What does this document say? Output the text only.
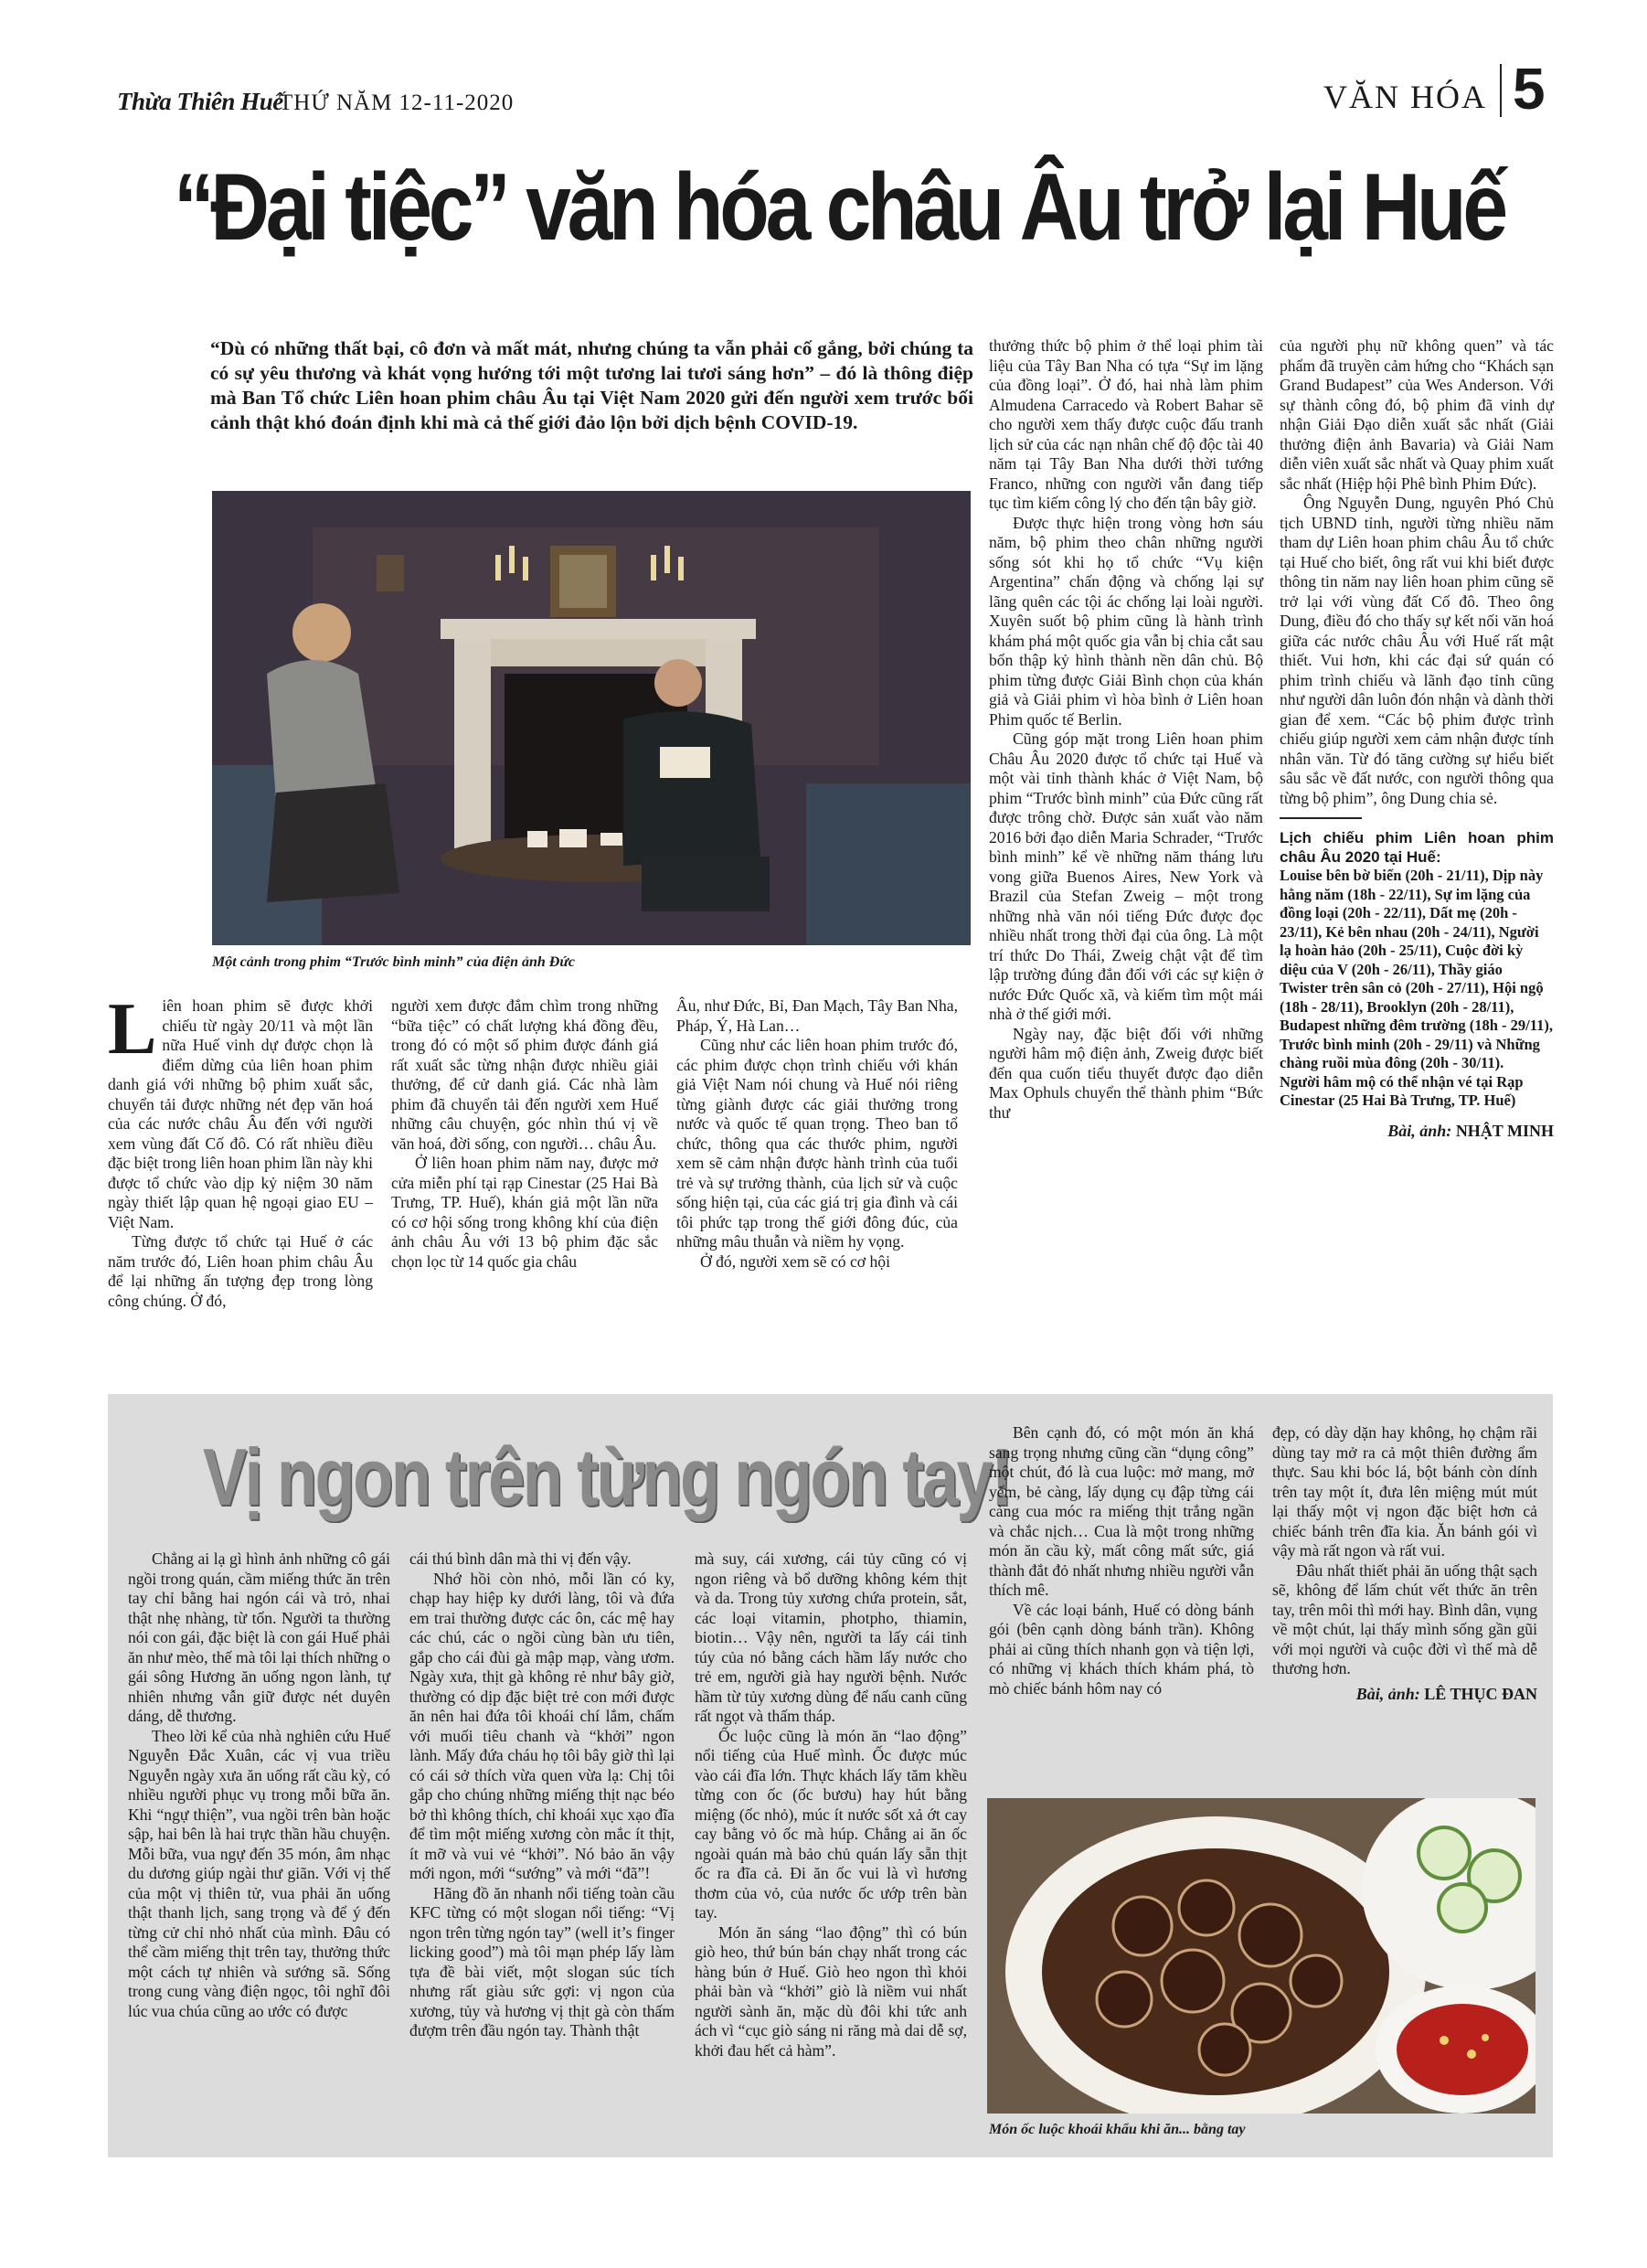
Thừa Thiên Huế
THỨ NĂM 12-11-2020	VĂN HÓA 5
“Đại tiệc” văn hóa châu Âu trở lại Huế
“Dù có những thất bại, cô đơn và mất mát, nhưng chúng ta vẫn phải cố gắng, bởi chúng ta có sự yêu thương và khát vọng hướng tới một tương lai tươi sáng hơn” – đó là thông điệp mà Ban Tổ chức Liên hoan phim châu Âu tại Việt Nam 2020 gửi đến người xem trước bối cảnh thật khó đoán định khi mà cả thế giới đảo lộn bởi dịch bệnh COVID-19.
Một cảnh trong phim “Trước bình minh” của điện ảnh Đức
L iên hoan phim sẽ được khởi chiếu từ ngày 20/11 và một lần nữa Huế vinh dự được chọn là điểm dừng của liên hoan phim danh giá với những bộ phim xuất sắc, chuyển tải được những nét đẹp văn hoá của các nước châu Âu đến với người xem vùng đất Cố đô. Có rất nhiều điều đặc biệt trong liên hoan phim lần này khi được tổ chức vào dịp kỷ niệm 30 năm ngày thiết lập quan hệ ngoại giao EU – Việt Nam.

Từng được tổ chức tại Huế ở các năm trước đó, Liên hoan phim châu Âu để lại những ấn tượng đẹp trong lòng công chúng. Ở đó,

người xem được đắm chìm trong những “bữa tiệc” có chất lượng khá đồng đều, trong đó có một số phim được đánh giá rất xuất sắc từng nhận được nhiều giải thưởng, để cử danh giá. Các nhà làm phim đã chuyển tải đến người xem Huế những câu chuyện, góc nhìn thú vị về văn hoá, đời sống, con người… châu Âu.

Ở liên hoan phim năm nay, được mở cửa miễn phí tại rạp Cinestar (25 Hai Bà Trưng, TP. Huế), khán giả một lần nữa có cơ hội sống trong không khí của điện ảnh châu Âu với 13 bộ phim đặc sắc chọn lọc từ 14 quốc gia châu

Âu, như Đức, Bỉ, Đan Mạch, Tây Ban Nha, Pháp, Ý, Hà Lan…

Cũng như các liên hoan phim trước đó, các phim được chọn trình chiếu với khán giả Việt Nam nói chung và Huế nói riêng từng giành được các giải thưởng trong nước và quốc tế quan trọng. Theo ban tổ chức, thông qua các thước phim, người xem sẽ cảm nhận được hành trình của tuổi trẻ và sự trưởng thành, của lịch sử và cuộc sống hiện tại, của các giá trị gia đình và cái tôi phức tạp trong thế giới đông đúc, của những mâu thuẫn và niềm hy vọng.

Ở đó, người xem sẽ có cơ hội

thưởng thức bộ phim ở thể loại phim tài liệu của Tây Ban Nha có tựa “Sự im lặng của đồng loại”. Ở đó, hai nhà làm phim Almudena Carracedo và Robert Bahar sẽ cho người xem thấy được cuộc đấu tranh lịch sử của các nạn nhân chế độ độc tài 40 năm tại Tây Ban Nha dưới thời tướng Franco, những con người vẫn đang tiếp tục tìm kiếm công lý cho đến tận bây giờ.

Được thực hiện trong vòng hơn sáu năm, bộ phim theo chân những người sống sót khi họ tổ chức “Vụ kiện Argentina” chấn động và chống lại sự lãng quên các tội ác chống lại loài người. Xuyên suốt bộ phim cũng là hành trình khám phá một quốc gia vẫn bị chia cắt sau bốn thập kỷ hình thành nền dân chủ. Bộ phim từng được Giải Bình chọn của khán giả và Giải phim vì hòa bình ở Liên hoan Phim quốc tế Berlin.

Cũng góp mặt trong Liên hoan phim Châu Âu 2020 được tổ chức tại Huế và một vài tỉnh thành khác ở Việt Nam, bộ phim “Trước bình minh” của Đức cũng rất được trông chờ. Được sản xuất vào năm 2016 bởi đạo diễn Maria Schrader, “Trước bình minh” kể về những năm tháng lưu vong giữa Buenos Aires, New York và Brazil của Stefan Zweig – một trong những nhà văn nói tiếng Đức được đọc nhiều nhất trong thời đại của ông. Là một trí thức Do Thái, Zweig chật vật để tìm lập trường đúng đắn đối với các sự kiện ở nước Đức Quốc xã, và kiếm tìm một mái nhà ở thế giới mới.

Ngày nay, đặc biệt đối với những người hâm mộ điện ảnh, Zweig được biết đến qua cuốn tiểu thuyết được đạo diễn Max Ophuls chuyển thể thành phim “Bức thư

của người phụ nữ không quen” và tác phẩm đã truyền cảm hứng cho “Khách sạn Grand Budapest” của Wes Anderson. Với sự thành công đó, bộ phim đã vinh dự nhận Giải Đạo diễn xuất sắc nhất (Giải thưởng điện ảnh Bavaria) và Giải Nam diễn viên xuất sắc nhất và Quay phim xuất sắc nhất (Hiệp hội Phê bình Phim Đức).

Ông Nguyễn Dung, nguyên Phó Chủ tịch UBND tỉnh, người từng nhiều năm tham dự Liên hoan phim châu Âu tổ chức tại Huế cho biết, ông rất vui khi biết được thông tin năm nay liên hoan phim cũng sẽ trở lại với vùng đất Cố đô. Theo ông Dung, điều đó cho thấy sự kết nối văn hoá giữa các nước châu Âu với Huế rất mật thiết. Vui hơn, khi các đại sứ quán có phim trình chiếu và lãnh đạo tỉnh cũng như người dân luôn đón nhận và dành thời gian để xem. “Các bộ phim được trình chiếu giúp người xem cảm nhận được tính nhân văn. Từ đó tăng cường sự hiểu biết sâu sắc về đất nước, con người thông qua từng bộ phim”, ông Dung chia sẻ.

Lịch chiếu phim Liên hoan phim châu Âu 2020 tại Huế:
Louise bên bờ biển (20h - 21/11), Dịp này hằng năm (18h - 22/11), Sự im lặng của đồng loại (20h - 22/11), Dất mẹ (20h - 23/11), Kẻ bên nhau (20h - 24/11), Người lạ hoàn hảo (20h - 25/11), Cuộc đời kỳ diệu của V (20h - 26/11), Thầy giáo Twister trên sân cỏ (20h - 27/11), Hội ngộ (18h - 28/11), Brooklyn (20h - 28/11), Budapest những đêm trường (18h - 29/11), Trước bình minh (20h - 29/11) và Những chàng ruồi mùa đông (20h - 30/11).
Người hâm mộ có thể nhận vé tại Rạp Cinestar (25 Hai Bà Trưng, TP. Huế)
Bài, ảnh: NHẬT MINH
Vị ngon trên từng ngón tay!

Chẳng ai lạ gì hình ảnh những cô gái ngồi trong quán, cầm miếng thức ăn trên tay chỉ bằng hai ngón cái và trỏ, nhai thật nhẹ nhàng, từ tốn. Người ta thường nói con gái, đặc biệt là con gái Huế phải ăn như mèo, thế mà tôi lại thích những o gái sông Hương ăn uống ngon lành, tự nhiên nhưng vẫn giữ được nét duyên dáng, dễ thương.

Theo lời kể của nhà nghiên cứu Huế Nguyễn Đắc Xuân, các vị vua triều Nguyễn ngày xưa ăn uống rất cầu kỳ, có nhiều người phục vụ trong mỗi bữa ăn. Khi “ngự thiện”, vua ngồi trên bàn hoặc sập, hai bên là hai trực thần hầu chuyện. Mỗi bữa, vua ngự đến 35 món, âm nhạc du dương giúp ngài thư giãn. Với vị thế của một vị thiên tử, vua phải ăn uống thật thanh lịch, sang trọng và để ý đến từng cử chỉ nhỏ nhất của mình. Đâu có thể cầm miếng thịt trên tay, thưởng thức một cách tự nhiên và sướng sã. Sống trong cung vàng điện ngọc, tôi nghĩ đôi lúc vua chúa cũng ao ước có được

cái thú bình dân mà thi vị đến vậy.

Nhớ hồi còn nhỏ, mỗi lần có ky, chạp hay hiệp ky dưới làng, tôi và đứa em trai thường được các ôn, các mệ hay các chú, các o ngồi cùng bàn ưu tiên, gắp cho cái đùi gà mập mạp, vàng ươm. Ngày xưa, thịt gà không rẻ như bây giờ, thường có dịp đặc biệt trẻ con mới được ăn nên hai đứa tôi khoái chí lắm, chấm với muối tiêu chanh và “khởi” ngon lành. Mấy đứa cháu họ tôi bây giờ thì lại có cái sở thích vừa quen vừa lạ: Chị tôi gắp cho chúng những miếng thịt nạc béo bở thì không thích, chỉ khoái xục xạo đĩa để tìm một miếng xương còn mắc ít thịt, ít mỡ và vui vẻ “khởi”. Nó bảo ăn vậy mới ngon, mới “sướng” và mới “đã”!

Hãng đồ ăn nhanh nổi tiếng toàn cầu KFC từng có một slogan nổi tiếng: “Vị ngon trên từng ngón tay” (well it’s finger licking good”) mà tôi mạn phép lấy làm tựa đề bài viết, một slogan súc tích nhưng rất giàu sức gợi: vị ngon của xương, tủy và hương vị thịt gà còn thấm đượm trên đầu ngón tay. Thành thật

mà suy, cái xương, cái tủy cũng có vị ngon riêng và bổ dưỡng không kém thịt và da. Trong tủy xương chứa protein, sắt, các loại vitamin, photpho, thiamin, biotin… Vậy nên, người ta lấy cái tinh túy của nó bằng cách hầm lấy nước cho trẻ em, người già hay người bệnh. Nước hầm từ tủy xương dùng để nấu canh cũng rất ngọt và thấm tháp.

Ốc luộc cũng là món ăn “lao động” nổi tiếng của Huế mình. Ốc được múc vào cái đĩa lớn. Thực khách lấy tăm khều từng con ốc (ốc bươu) hay hút bằng miệng (ốc nhỏ), múc ít nước sốt xả ớt cay cay bằng vỏ ốc mà húp. Chẳng ai ăn ốc ngoài quán mà bảo chủ quán lấy sẵn thịt ốc ra đĩa cả. Đi ăn ốc vui là vì hương thơm của vỏ, của nước ốc ướp trên bàn tay.

Món ăn sáng “lao động” thì có bún giò heo, thứ bún bán chạy nhất trong các hàng bún ở Huế. Giò heo ngon thì khỏi phải bàn và “khởi” giò là niềm vui nhất người sành ăn, mặc dù đôi khi tức anh ách vì “cục giò sáng ni răng mà dai dễ sợ, khởi đau hết cả hàm”.

Bên cạnh đó, có một món ăn khá sang trọng nhưng cũng cần “dụng công” một chút, đó là cua luộc: mở mang, mở yếm, bẻ càng, lấy dụng cụ đập từng cái càng cua móc ra miếng thịt trắng ngần và chắc nịch… Cua là một trong những món ăn cầu kỳ, mất công mất sức, giá thành đắt đỏ nhất nhưng nhiều người vẫn thích mê.

Về các loại bánh, Huế có dòng bánh gói (bên cạnh dòng bánh trần). Không phải ai cũng thích nhanh gọn và tiện lợi, có những vị khách thích khám phá, tò mò chiếc bánh hôm nay có

đẹp, có dày dặn hay không, họ chậm rãi dùng tay mở ra cả một thiên đường ẩm thực. Sau khi bóc lá, bột bánh còn dính trên tay một ít, đưa lên miệng mút mút lại thấy một vị ngon đặc biệt hơn cả chiếc bánh trên đĩa kia. Ăn bánh gói vì vậy mà rất ngon và rất vui.

Đâu nhất thiết phải ăn uống thật sạch sẽ, không để lấm chút vết thức ăn trên tay, trên môi thì mới hay. Bình dân, vụng về một chút, lại thấy mình sống gần gũi với mọi người và cuộc đời vì thế mà dễ thương hơn.

Bài, ảnh: LÊ THỤC ĐAN
Món ốc luộc khoái khẩu khi ăn... bằng tay
